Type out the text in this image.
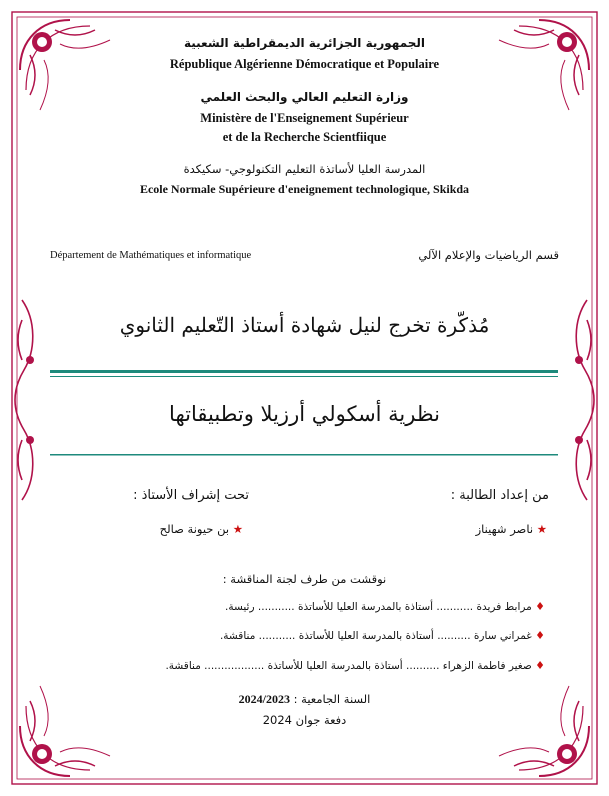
الجمهورية الجزائرية الديمقراطية الشعبية
République Algérienne Démocratique et Populaire
وزارة التعليم العالي والبحث العلمي
Ministère de l'Enseignement Supérieur
et de la Recherche Scientfiique
المدرسة العليا لأساتذة التعليم التكنولوجي- سكيكدة
Ecole Normale Supérieure d'eneignement technologique, Skikda
Département de Mathématiques et informatique	قسم الرياضيات والإعلام الآلي
مُذكّرة تخرج لنيل شهادة أستاذ التّعليم الثانوي
نظرية أسكولي أرزيلا وتطبيقاتها
من إعداد الطالبة :
تحت إشراف الأستاذ :
★ ناصر شهيناز
★ بن حيونة صالح
نوقشت من طرف لجنة المناقشة :
♦ مرابط فريدة ........... أستاذة بالمدرسة العليا للأساتذة ........... رئيسة.
♦ غمراني سارة .......... أستاذة بالمدرسة العليا للأساتذة ........... مناقشة.
♦ صغير فاطمة الزهراء .......... أستاذة بالمدرسة العليا للأساتذة .................. مناقشة.
السنة الجامعية : 2024/2023
دفعة جوان 2024
